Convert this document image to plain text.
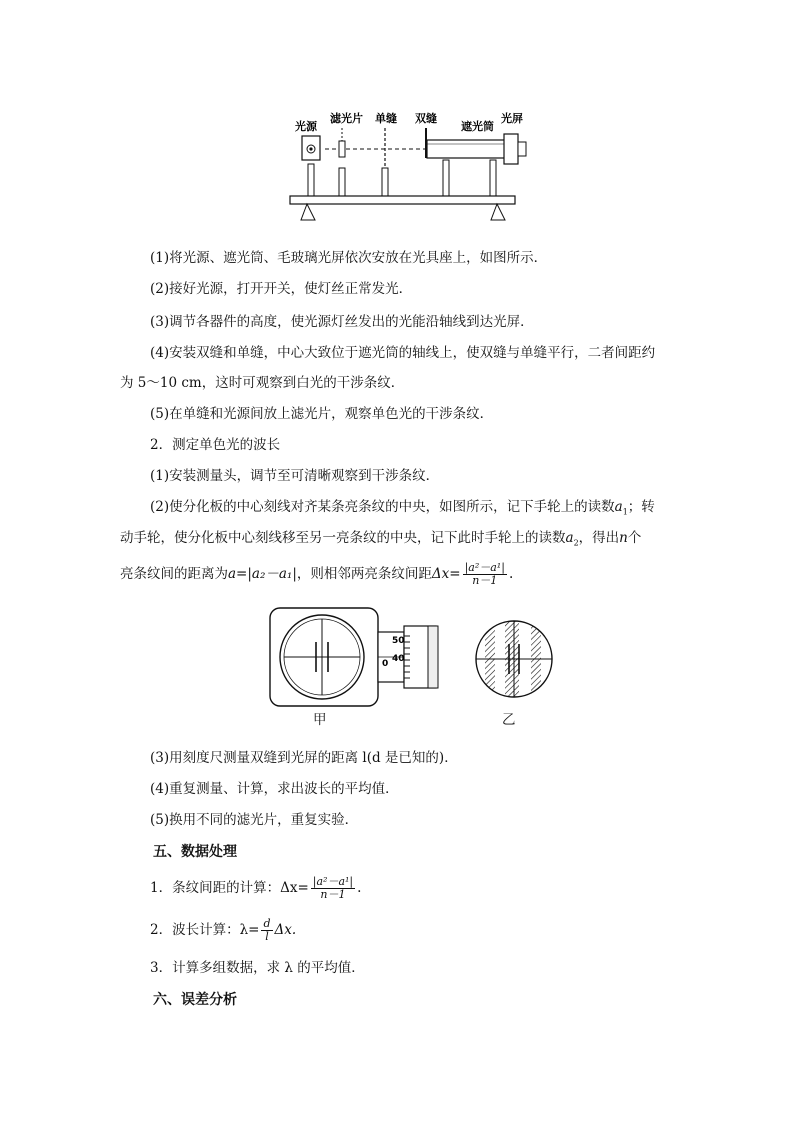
光源
滤光片 单缝 双缝
遮光筒
光屏
(1)将光源、遮光筒、毛玻璃光屏依次安放在光具座上，如图所示．
(2)接好光源，打开开关，使灯丝正常发光．
(3)调节各器件的高度，使光源灯丝发出的光能沿轴线到达光屏．
(4)安装双缝和单缝，中心大致位于遮光筒的轴线上，使双缝与单缝平行，二者间距约
为 5～10 cm，这时可观察到白光的干涉条纹．
(5)在单缝和光源间放上滤光片，观察单色光的干涉条纹．
2．测定单色光的波长
(1)安装测量头，调节至可清晰观察到干涉条纹．
(2)使分化板的中心刻线对齐某条亮条纹的中央，如图所示，记下手轮上的读数$a_1$；转
动手轮，使分化板中心刻线移至另一亮条纹的中央，记下此时手轮上的读数$a_2$，得出n个
亮条纹间的距离为a=|a₂－a₁|，则相邻两亮条纹间距$\Delta x= \frac{\text{|a²－a¹|}}{n-1}$ .
50
40
0
甲	乙
(3)用刻度尺测量双缝到光屏的距离 l(d 是已知的)．
(4)重复测量、计算，求出波长的平均值．
(5)换用不同的滤光片，重复实验．
五、数据处理
1．条纹间距的计算：$\Delta x= \frac{\text{|a²－a¹|}}{n-1}$ .
2．波长计算：$\lambda= \frac{d}{l} \Delta x$.
3．计算多组数据，求 λ 的平均值．
六、误差分析
